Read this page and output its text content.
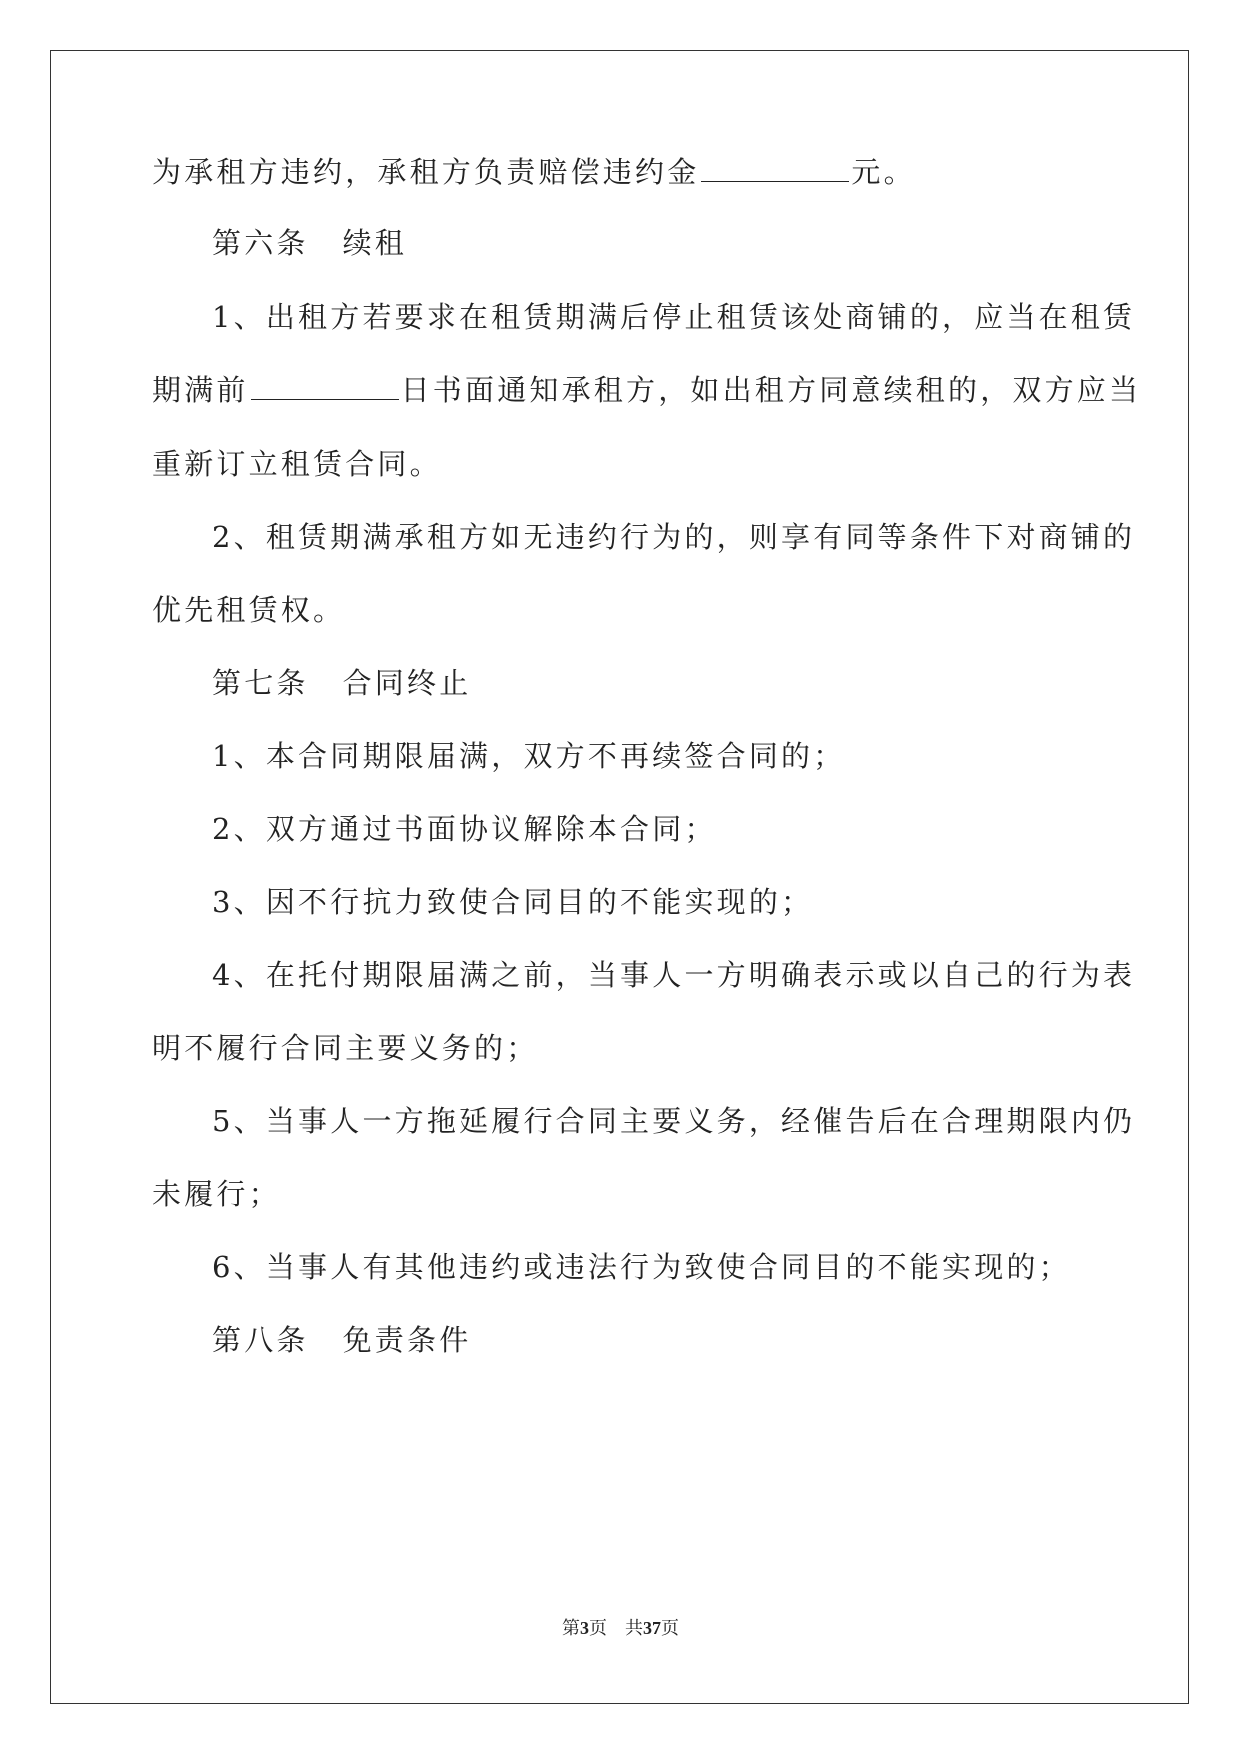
为承租方违约，承租方负责赔偿违约金	元。
第六条 续租
1、出租方若要求在租赁期满后停止租赁该处商铺的，应当在租赁
期满前	日书面通知承租方，如出租方同意续租的，双方应当
重新订立租赁合同。
2、租赁期满承租方如无违约行为的，则享有同等条件下对商铺的
优先租赁权。
第七条 合同终止
1、本合同期限届满，双方不再续签合同的；
2、双方通过书面协议解除本合同；
3、因不行抗力致使合同目的不能实现的；
4、在托付期限届满之前，当事人一方明确表示或以自己的行为表
明不履行合同主要义务的；
5、当事人一方拖延履行合同主要义务，经催告后在合理期限内仍
未履行；
6、当事人有其他违约或违法行为致使合同目的不能实现的；
第八条 免责条件
第3页 共37页
